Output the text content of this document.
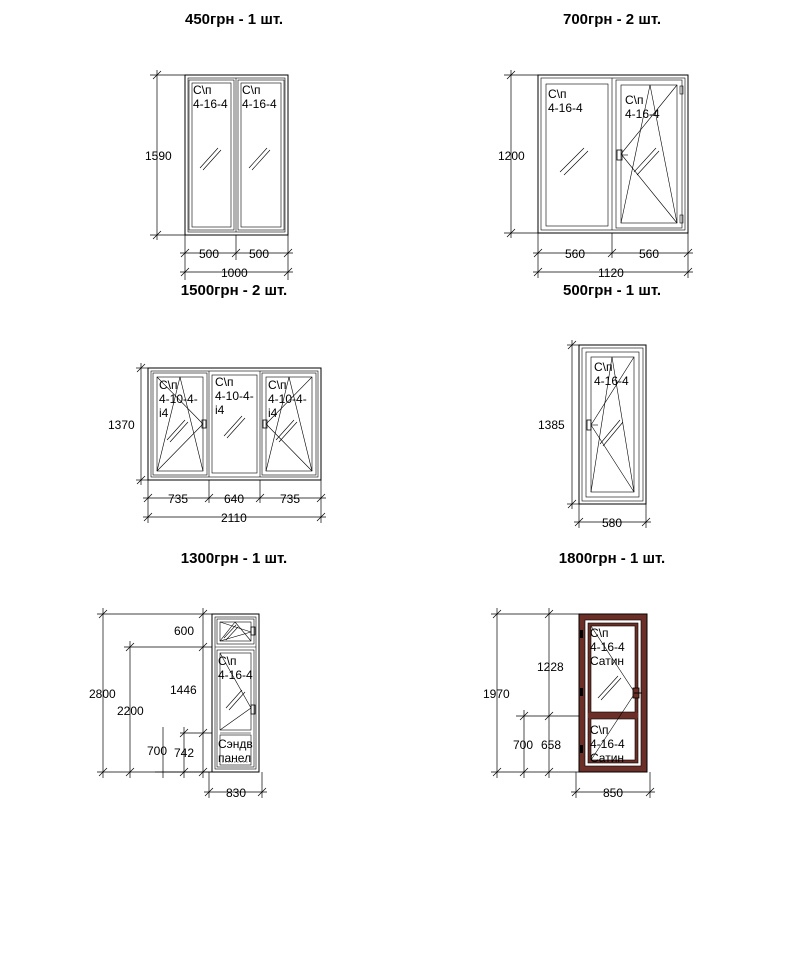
450грн - 1 шт.	700грн - 2 шт.
1500грн - 2 шт.	500грн - 1 шт.
1300грн - 1 шт.	1800грн - 1 шт.
С\п
4-16-4
С\п
4-16-4
1590
500 500
1000
С\п
4-16-4
С\п
4-16-4
1200
560	560
1120
С\п
4-10-4-
i4
С\п
4-10-4-
i4
С\п
4-10-4-
i4
1370
735	640	735
2110
С\п
4-16-4
1385
580
С\п
4-16-4
Сэндв
панел
2800
2200
600
1446
700 742
830
С\п
4-16-4
Сатин
С\п
4-16-4
Сатин
1970
1228
700 658
850
